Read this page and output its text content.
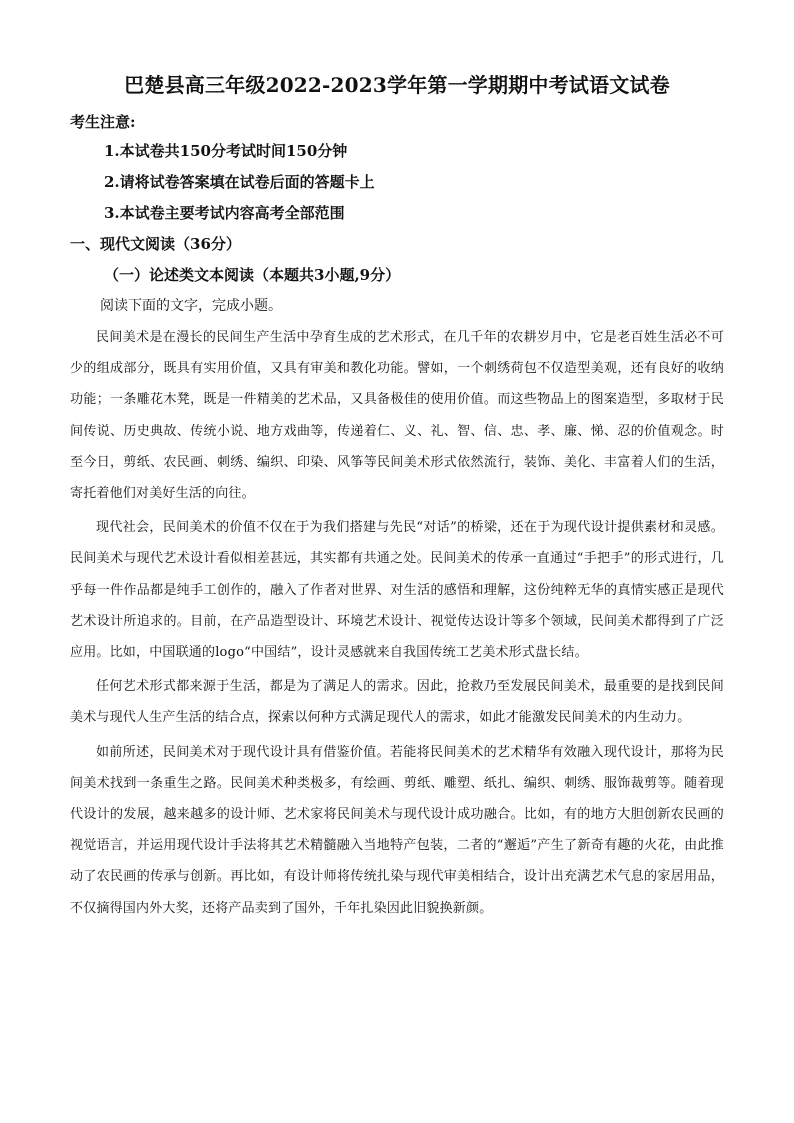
巴楚县高三年级2022-2023学年第一学期期中考试语文试卷
考生注意:
1.本试卷共150分考试时间150分钟
2.请将试卷答案填在试卷后面的答题卡上
3.本试卷主要考试内容高考全部范围
一、现代文阅读（36分）
（一）论述类文本阅读（本题共3小题,9分）
阅读下面的文字，完成小题。

民间美术是在漫长的民间生产生活中孕育生成的艺术形式，在几千年的农耕岁月中，它是老百姓生活必不可少的组成部分，既具有实用价值，又具有审美和教化功能。譬如，一个刺绣荷包不仅造型美观，还有良好的收纳功能；一条雕花木凳，既是一件精美的艺术品，又具备极佳的使用价值。而这些物品上的图案造型，多取材于民间传说、历史典故、传统小说、地方戏曲等，传递着仁、义、礼、智、信、忠、孝、廉、悌、忍的价值观念。时至今日，剪纸、农民画、刺绣、编织、印染、风筝等民间美术形式依然流行，装饰、美化、丰富着人们的生活，寄托着他们对美好生活的向往。

现代社会，民间美术的价值不仅在于为我们搭建与先民“对话”的桥梁，还在于为现代设计提供素材和灵感。民间美术与现代艺术设计看似相差甚远，其实都有共通之处。民间美术的传承一直通过“手把手”的形式进行，几乎每一件作品都是纯手工创作的，融入了作者对世界、对生活的感悟和理解，这份纯粹无华的真情实感正是现代艺术设计所追求的。目前，在产品造型设计、环境艺术设计、视觉传达设计等多个领域，民间美术都得到了广泛应用。比如，中国联通的logo“中国结”，设计灵感就来自我国传统工艺美术形式盘长结。

任何艺术形式都来源于生活，都是为了满足人的需求。因此，抢救乃至发展民间美术，最重要的是找到民间美术与现代人生产生活的结合点，探索以何种方式满足现代人的需求，如此才能激发民间美术的内生动力。

如前所述，民间美术对于现代设计具有借鉴价值。若能将民间美术的艺术精华有效融入现代设计，那将为民间美术找到一条重生之路。民间美术种类极多，有绘画、剪纸、雕塑、纸扎、编织、刺绣、服饰裁剪等。随着现代设计的发展，越来越多的设计师、艺术家将民间美术与现代设计成功融合。比如，有的地方大胆创新农民画的视觉语言，并运用现代设计手法将其艺术精髓融入当地特产包装，二者的“邂逅”产生了新奇有趣的火花，由此推动了农民画的传承与创新。再比如，有设计师将传统扎染与现代审美相结合，设计出充满艺术气息的家居用品，不仅摘得国内外大奖，还将产品卖到了国外，千年扎染因此旧貌换新颜。
